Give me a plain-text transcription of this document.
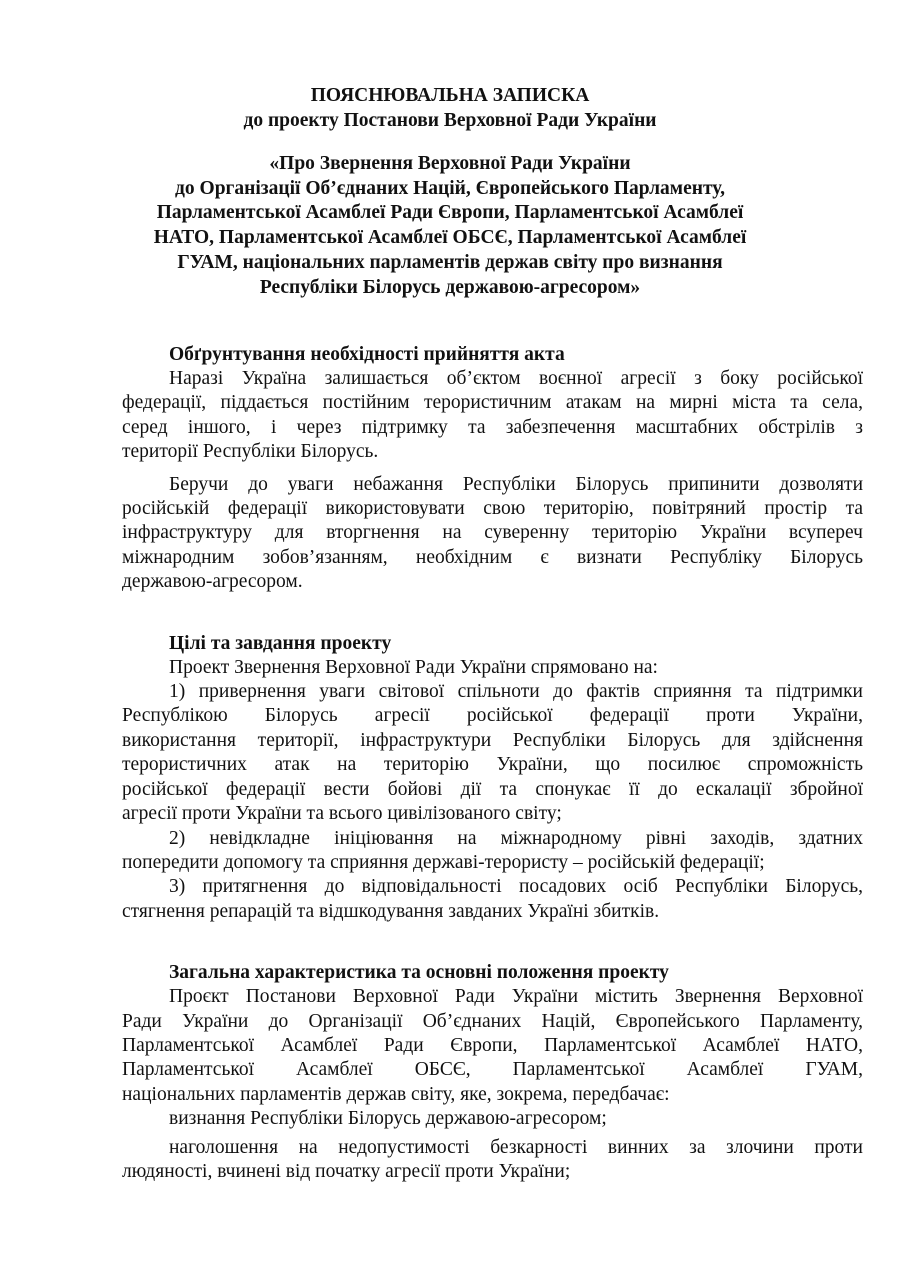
ПОЯСНЮВАЛЬНА ЗАПИСКА

до проекту Постанови Верховної Ради України

«Про Звернення Верховної Ради України
до Організації Об’єднаних Націй, Європейського Парламенту,
Парламентської Асамблеї Ради Європи, Парламентської Асамблеї
НАТО, Парламентської Асамблеї ОБСЄ, Парламентської Асамблеї
ГУАМ, національних парламентів держав світу про визнання
Республіки Білорусь державою-агресором»
Обґрунтування необхідності прийняття акта

Наразі Україна залишається об’єктом воєнної агресії з боку російської
федерації, піддається постійним терористичним атакам на мирні міста та села,
серед іншого, і через підтримку та забезпечення масштабних обстрілів з
території Республіки Білорусь.

Беручи до уваги небажання Республіки Білорусь припинити дозволяти
російській федерації використовувати свою територію, повітряний простір та
інфраструктуру для вторгнення на суверенну територію України всупереч
міжнародним зобов’язанням, необхідним є визнати Республіку Білорусь
державою-агресором.

Цілі та завдання проекту

Проект Звернення Верховної Ради України спрямовано на:

1) привернення уваги світової спільноти до фактів сприяння та підтримки
Республікою Білорусь агресії російської федерації проти України,
використання території, інфраструктури Республіки Білорусь для здійснення
терористичних атак на територію України, що посилює спроможність
російської федерації вести бойові дії та спонукає її до ескалації збройної
агресії проти України та всього цивілізованого світу;

2) невідкладне ініціювання на міжнародному рівні заходів, здатних
попередити допомогу та сприяння державі-терористу – російській федерації;

3) притягнення до відповідальності посадових осіб Республіки Білорусь,
стягнення репарацій та відшкодування завданих Україні збитків.

Загальна характеристика та основні положення проекту

Проєкт Постанови Верховної Ради України містить Звернення Верховної
Ради України до Організації Об’єднаних Націй, Європейського Парламенту,
Парламентської Асамблеї Ради Європи, Парламентської Асамблеї НАТО,
Парламентської Асамблеї ОБСЄ, Парламентської Асамблеї ГУАМ,
національних парламентів держав світу, яке, зокрема, передбачає:

визнання Республіки Білорусь державою-агресором;

наголошення на недопустимості безкарності винних за злочини проти
людяності, вчинені від початку агресії проти України;
